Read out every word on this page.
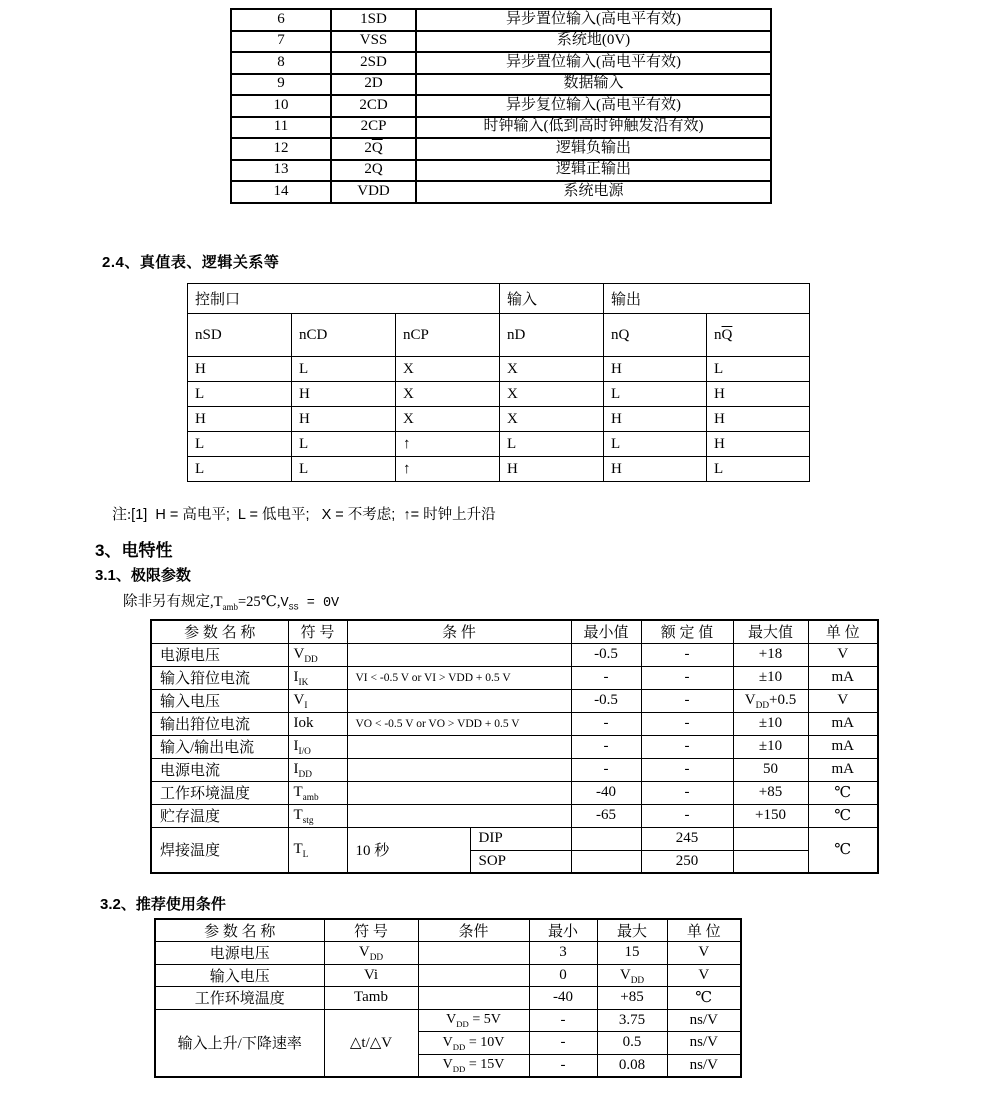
6	1SD	异步置位输入(高电平有效)
7	VSS	系统地(0V)
8	2SD	异步置位输入(高电平有效)
9	2D	数据输入
10	2CD	异步复位输入(高电平有效)
11	2CP	时钟输入(低到高时钟触发沿有效)
12	$2\overline{Q}$	逻辑负输出
13	2Q	逻辑正输出
14	VDD	系统电源
2.4、真值表、逻辑关系等
控制口			输入	输出	
nSD	nCD	nCP	nD	nQ	$n\overline{Q}$
H	L	X	X	H	L
L	H	X	X	L	H
H	H	X	X	H	H
L	L	↑	L	L	H
L	L	↑	H	H	L
注:[1]  H = 高电平;  L = 低电平;   X = 不考虑;  ↑= 时钟上升沿
3、电特性
3.1、极限参数
除非另有规定$,T_{amb}=25℃,V_{SS} = 0V$
参 数 名 称	符 号	条 件		最小值	额 定 值	最大值	单 位
电源电压	$V_{DD}$			-0.5	-	+18	V
输入箝位电流	$I_{IK}$	VI < -0.5 V or VI > VDD + 0.5 V		-	-	±10	mA
输入电压	$V_I$			-0.5	-	$V_{DD}+0.5$	V
输出箝位电流	Iok	VO < -0.5 V or VO > VDD + 0.5 V		-	-	±10	mA
输入/输出电流	$I_{I/O}$			-	-	±10	mA
电源电流	$I_{DD}$			-	-	50	mA
工作环境温度	$T_{amb}$			-40	-	+85	℃
贮存温度	$T_{stg}$			-65	-	+150	℃
焊接温度	$T_L$	10 秒	DIP		245		℃
			SOP		250		
3.2、推荐使用条件
参 数 名 称	符 号	条件	最小	最大	单 位
电源电压	$V_{DD}$		3	15	V
输入电压	Vi		0	$V_{DD}$	V
工作环境温度	Tamb		-40	+85	℃
输入上升/下降速率	△t/△V	$V_{DD} = 5V$	-	3.75	ns/V
		$V_{DD} = 10V$	-	0.5	ns/V
		$V_{DD} = 15V$	-	0.08	ns/V
